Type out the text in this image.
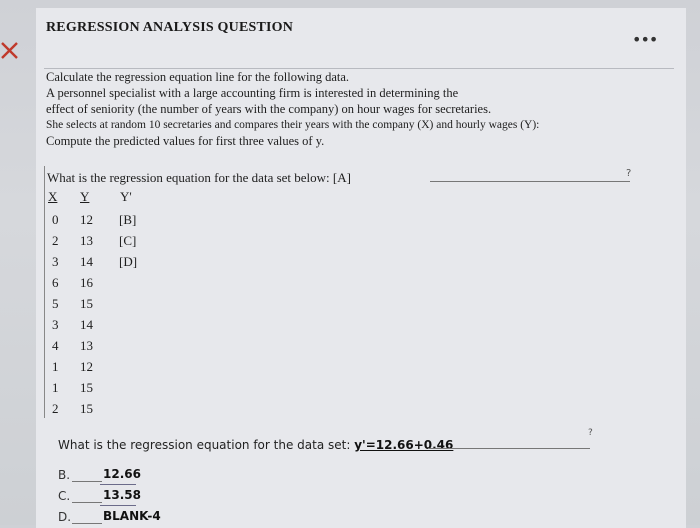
REGRESSION ANALYSIS QUESTION
•••
Calculate the regression equation line for the following data.
A personnel specialist with a large accounting firm is interested in determining the
effect of seniority (the number of years with the company) on hour wages for secretaries.
She selects at random 10 secretaries and compares their years with the company (X) and hourly wages (Y):
Compute the predicted values for first three values of y.
What is the regression equation for the data set below: [A]	?
X Y Y'
0 12 [B]
2 13 [C]
3 14 [D]
6 16
5 15
3 14
4 13
1 12
1 15
2 15
What is the regression equation for the data set: y'=12.66+0.46
?
B.	12.66
C.	13.58
D.	BLANK-4
